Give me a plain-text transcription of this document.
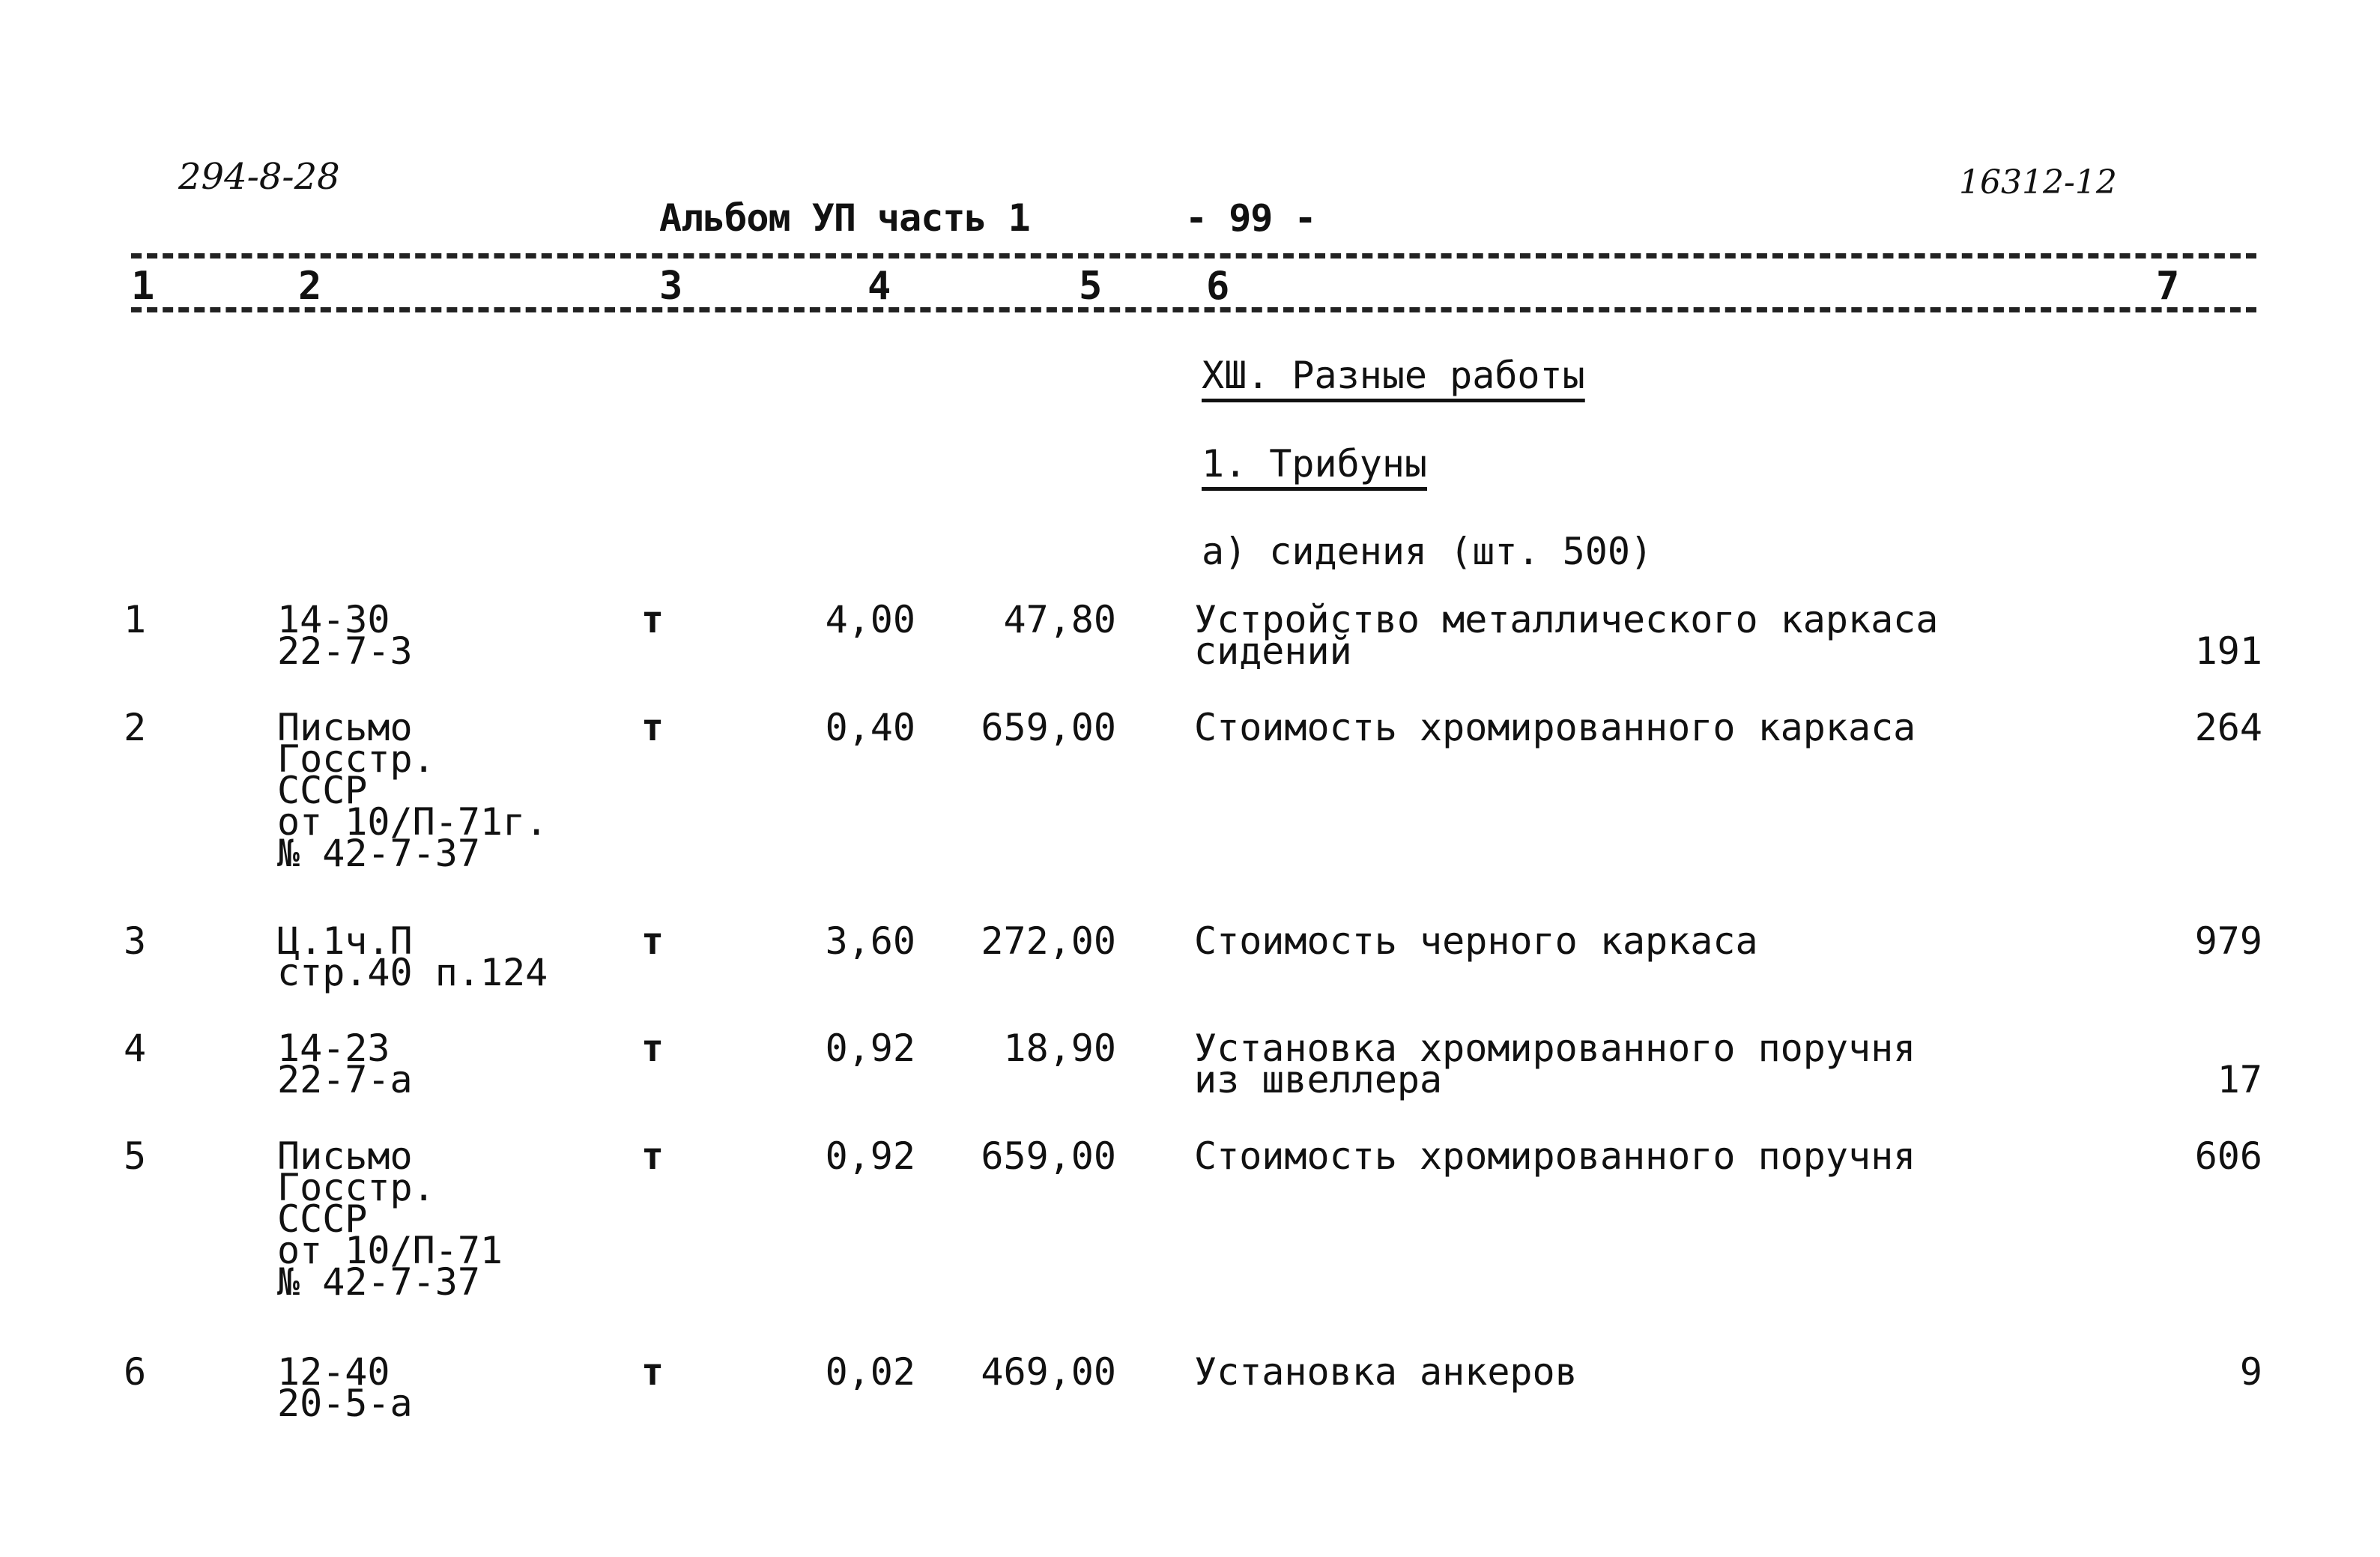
294-8-28
Альбом УП часть 1	- 99 -
16312-12
1	2	3	4	5	6	7
XШ. Разные работы
1. Трибуны
а) сидения (шт. 500)
1	14-30
22-7-3
т	4,00	47,80 Устройство металлического каркаса
сидений	191
2	Письмо
Госстр.
СССР
от 10/П-71г.
№ 42-7-37
т	0,40	659,00 Стоимость хромированного каркаса	264
3	Ц.1ч.П
стр.40 п.124
т	3,60	272,00 Стоимость черного каркаса	979
4	14-23
22-7-а
т	0,92	18,90 Установка хромированного поручня
из швеллера	17
5	Письмо
Госстр.
СССР
от 10/П-71
№ 42-7-37
т	0,92	659,00 Стоимость хромированного поручня	606
6	12-40
20-5-а
т	0,02	469,00 Установка анкеров	9
